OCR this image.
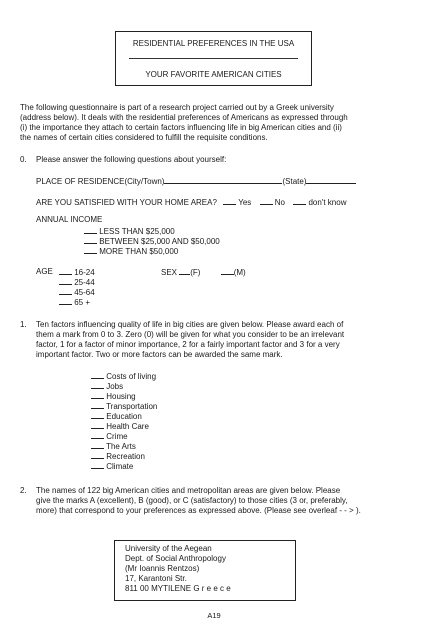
RESIDENTIAL PREFERENCES IN THE USA
YOUR FAVORITE AMERICAN CITIES
The following questionnaire is part of a research project carried out by a Greek university
(address below). It deals with the residential preferences of Americans as expressed through
(i) the importance they attach to certain factors influencing life in big American cities and (ii)
the names of certain cities considered to fulfill the requisite conditions.
0. Please answer the following questions about yourself:
PLACE OF RESIDENCE(City/Town)	(State)
ARE YOU SATISFIED WITH YOUR HOME AREA?	Yes	No	don't know
ANNUAL INCOME
LESS THAN $25,000
BETWEEN $25,000 AND $50,000
MORE THAN $50,000
AGE	16-24
25-44
45-64
65 +
SEX (F)	(M)
1. Ten factors influencing quality of life in big cities are given below. Please award each of
them a mark from 0 to 3. Zero (0) will be given for what you consider to be an irrelevant
factor, 1 for a factor of minor importance, 2 for a fairly important factor and 3 for a very
important factor. Two or more factors can be awarded the same mark.
Costs of living
Jobs
Housing
Transportation
Education
Health Care
Crime
The Arts
Recreation
Climate
2. The names of 122 big American cities and metropolitan areas are given below. Please
give the marks A (excellent), B (good), or C (satisfactory) to those cities (3 or, preferably,
more) that correspond to your preferences as expressed above. (Please see overleaf - - > ).
University of the Aegean
Dept. of Social Anthropology
(Mr Ioannis Rentzos)
17, Karantoni Str.
811 00 MYTILENE G r e e c e
A19
